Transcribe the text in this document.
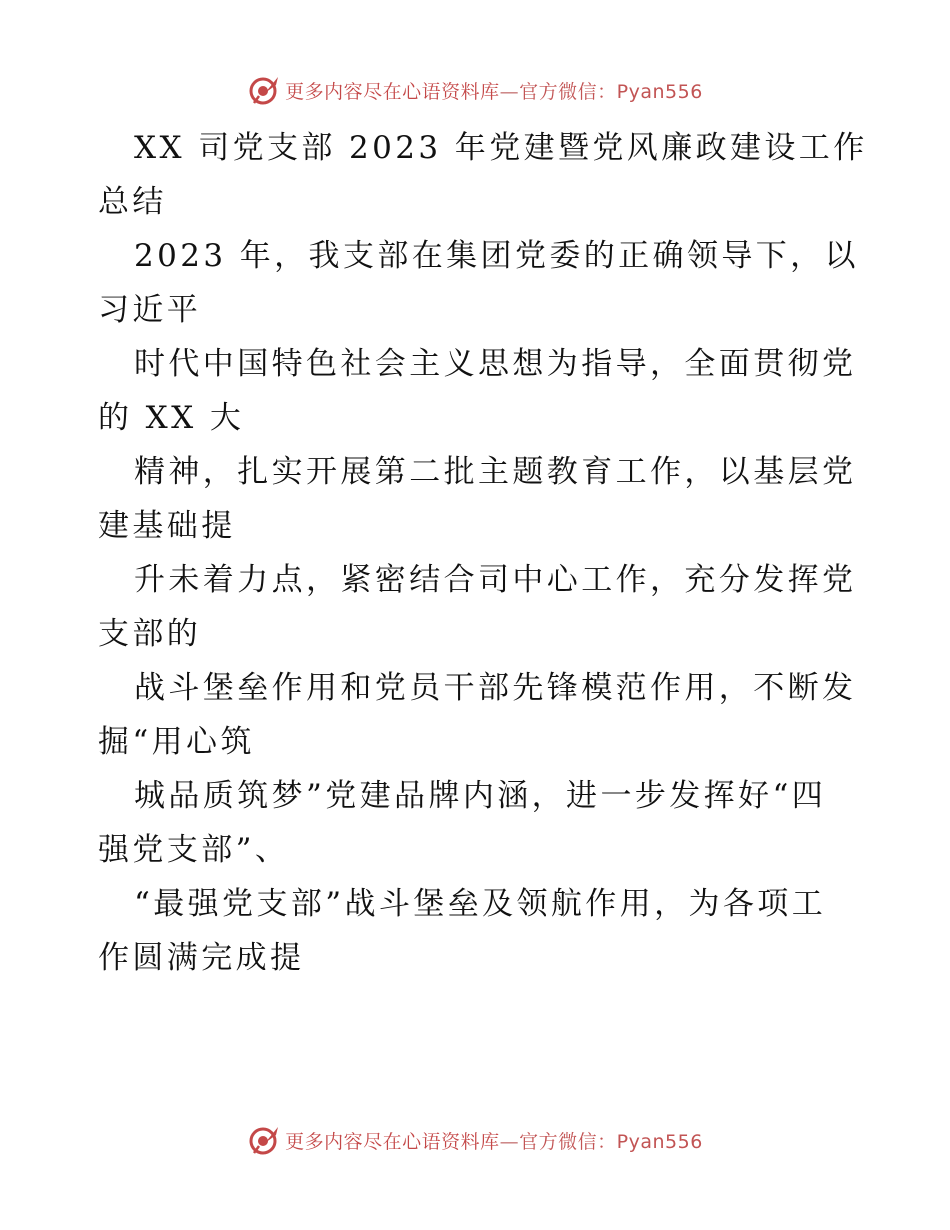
更多内容尽在心语资料库—官方微信：Pyan556
XX 司党支部 2023 年党建暨党风廉政建设工作
总结
2023 年，我支部在集团党委的正确领导下，以
习近平
时代中国特色社会主义思想为指导，全面贯彻党
的 XX 大
精神，扎实开展第二批主题教育工作，以基层党
建基础提
升未着力点，紧密结合司中心工作，充分发挥党
支部的
战斗堡垒作用和党员干部先锋模范作用，不断发
掘“用心筑
城品质筑梦”党建品牌内涵，进一步发挥好“四
强党支部”、
“最强党支部”战斗堡垒及领航作用，为各项工
作圆满完成提
更多内容尽在心语资料库—官方微信：Pyan556
